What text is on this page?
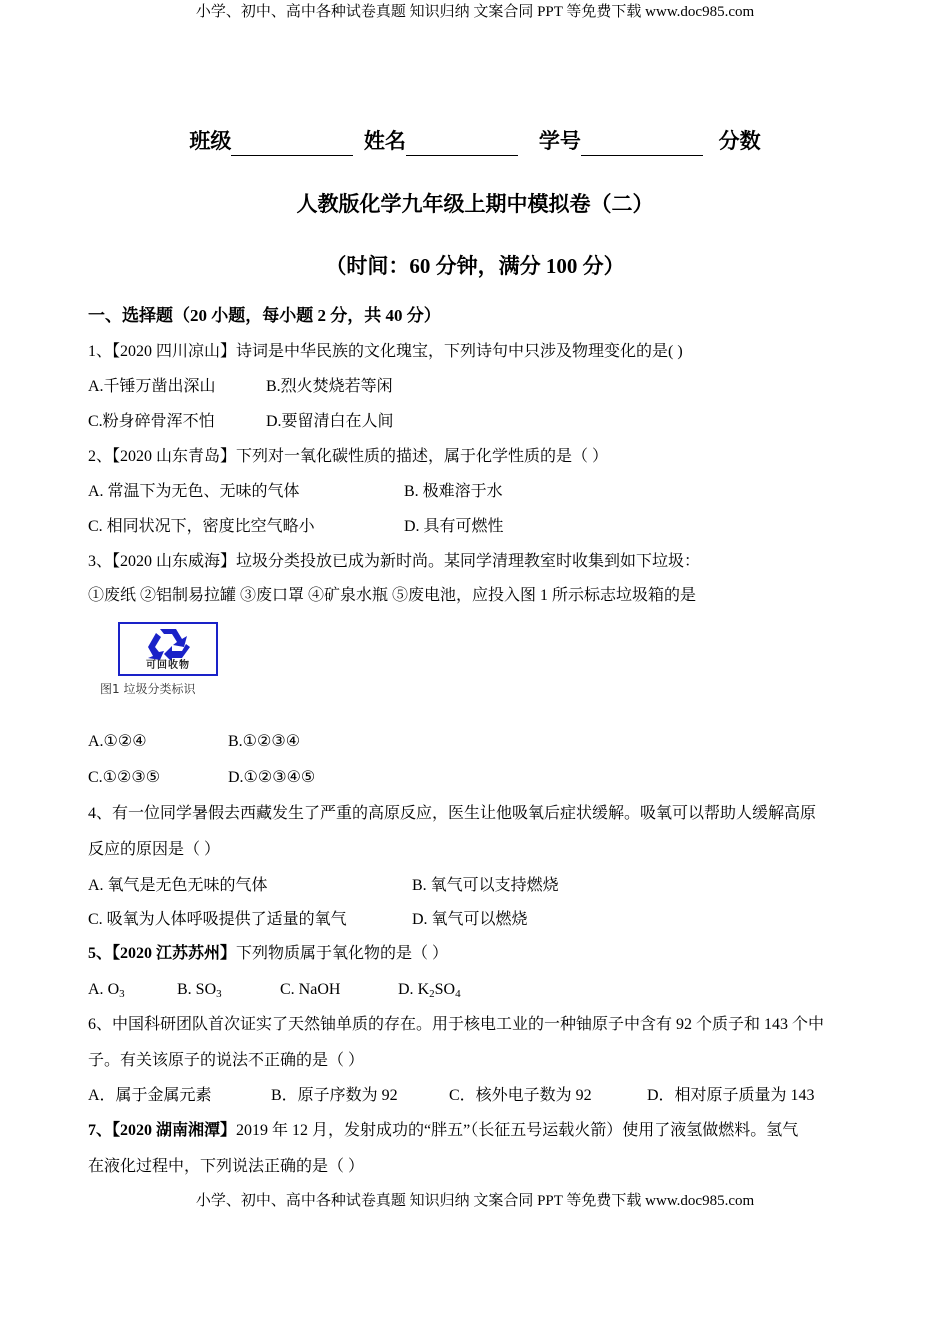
小学、初中、高中各种试卷真题 知识归纳 文案合同 PPT 等免费下载 www.doc985.com
班级	姓名	学号	分数
人教版化学九年级上期中模拟卷（二）
（时间：60 分钟，满分 100 分）
一、选择题（20 小题，每小题 2 分，共 40 分）
1、【2020 四川凉山】诗词是中华民族的文化瑰宝，下列诗句中只涉及物理变化的是( )
A.千锤万凿出深山	B.烈火焚烧若等闲
C.粉身碎骨浑不怕	D.要留清白在人间
2、【2020 山东青岛】下列对一氧化碳性质的描述，属于化学性质的是（ ）
A. 常温下为无色、无味的气体	B. 极难溶于水
C. 相同状况下，密度比空气略小	D. 具有可燃性
3、【2020 山东威海】垃圾分类投放已成为新时尚。某同学清理教室时收集到如下垃圾：
①废纸 ②铝制易拉罐 ③废口罩 ④矿泉水瓶 ⑤废电池，应投入图 1 所示标志垃圾箱的是
可回收物
图1 垃圾分类标识
A.①②④	B.①②③④
C.①②③⑤	D.①②③④⑤
4、有一位同学暑假去西藏发生了严重的高原反应，医生让他吸氧后症状缓解。吸氧可以帮助人缓解高原
反应的原因是（ ）
A. 氧气是无色无味的气体	B. 氧气可以支持燃烧
C. 吸氧为人体呼吸提供了适量的氧气	D. 氧气可以燃烧
5、【2020 江苏苏州】下列物质属于氧化物的是（ ）
A. $O_3$	B. $SO_3$	C. NaOH	D. $K_2SO_4$
6、中国科研团队首次证实了天然铀单质的存在。用于核电工业的一种铀原子中含有 92 个质子和 143 个中
子。有关该原子的说法不正确的是（ ）
A．属于金属元素	B．原子序数为 92	C．核外电子数为 92	D．相对原子质量为 143
7、【2020 湖南湘潭】2019 年 12 月，发射成功的“胖五”（长征五号运载火箭）使用了液氢做燃料。氢气
在液化过程中，下列说法正确的是（ ）
小学、初中、高中各种试卷真题 知识归纳 文案合同 PPT 等免费下载 www.doc985.com
